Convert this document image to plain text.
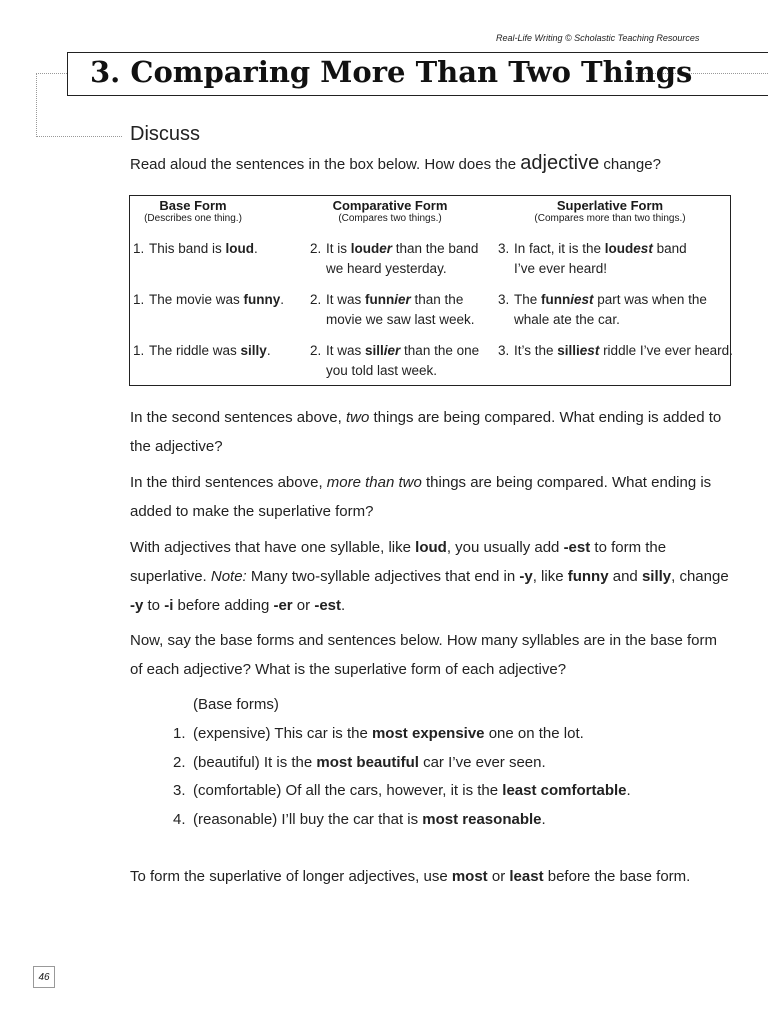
Real-Life Writing © Scholastic Teaching Resources
3. Comparing More Than Two Things
Discuss
Read aloud the sentences in the box below. How does the adjective change?
Base Form
(Describes one thing.)
Comparative Form
(Compares two things.)
Superlative Form
(Compares more than two things.)
1. This band is loud.	2. It is louder than the band
we heard yesterday.
3. In fact, it is the loudest band
I’ve ever heard!
1. The movie was funny. 2. It was funnier than the
movie we saw last week.
3. The funniest part was when the
whale ate the car.
1. The riddle was silly.	2. It was sillier than the one
you told last week.
3. It’s the silliest riddle I’ve ever heard.
In the second sentences above, two things are being compared. What ending is added to the adjective?
In the third sentences above, more than two things are being compared. What ending is added to make the superlative form?
With adjectives that have one syllable, like loud, you usually add -est to form the superlative. Note: Many two-syllable adjectives that end in -y, like funny and silly, change -y to -i before adding -er or -est.
Now, say the base forms and sentences below. How many syllables are in the base form of each adjective? What is the superlative form of each adjective?
(Base forms)
1. (expensive) This car is the most expensive one on the lot.
2. (beautiful) It is the most beautiful car I’ve ever seen.
3. (comfortable) Of all the cars, however, it is the least comfortable.
4. (reasonable) I’ll buy the car that is most reasonable.
To form the superlative of longer adjectives, use most or least before the base form.
46
